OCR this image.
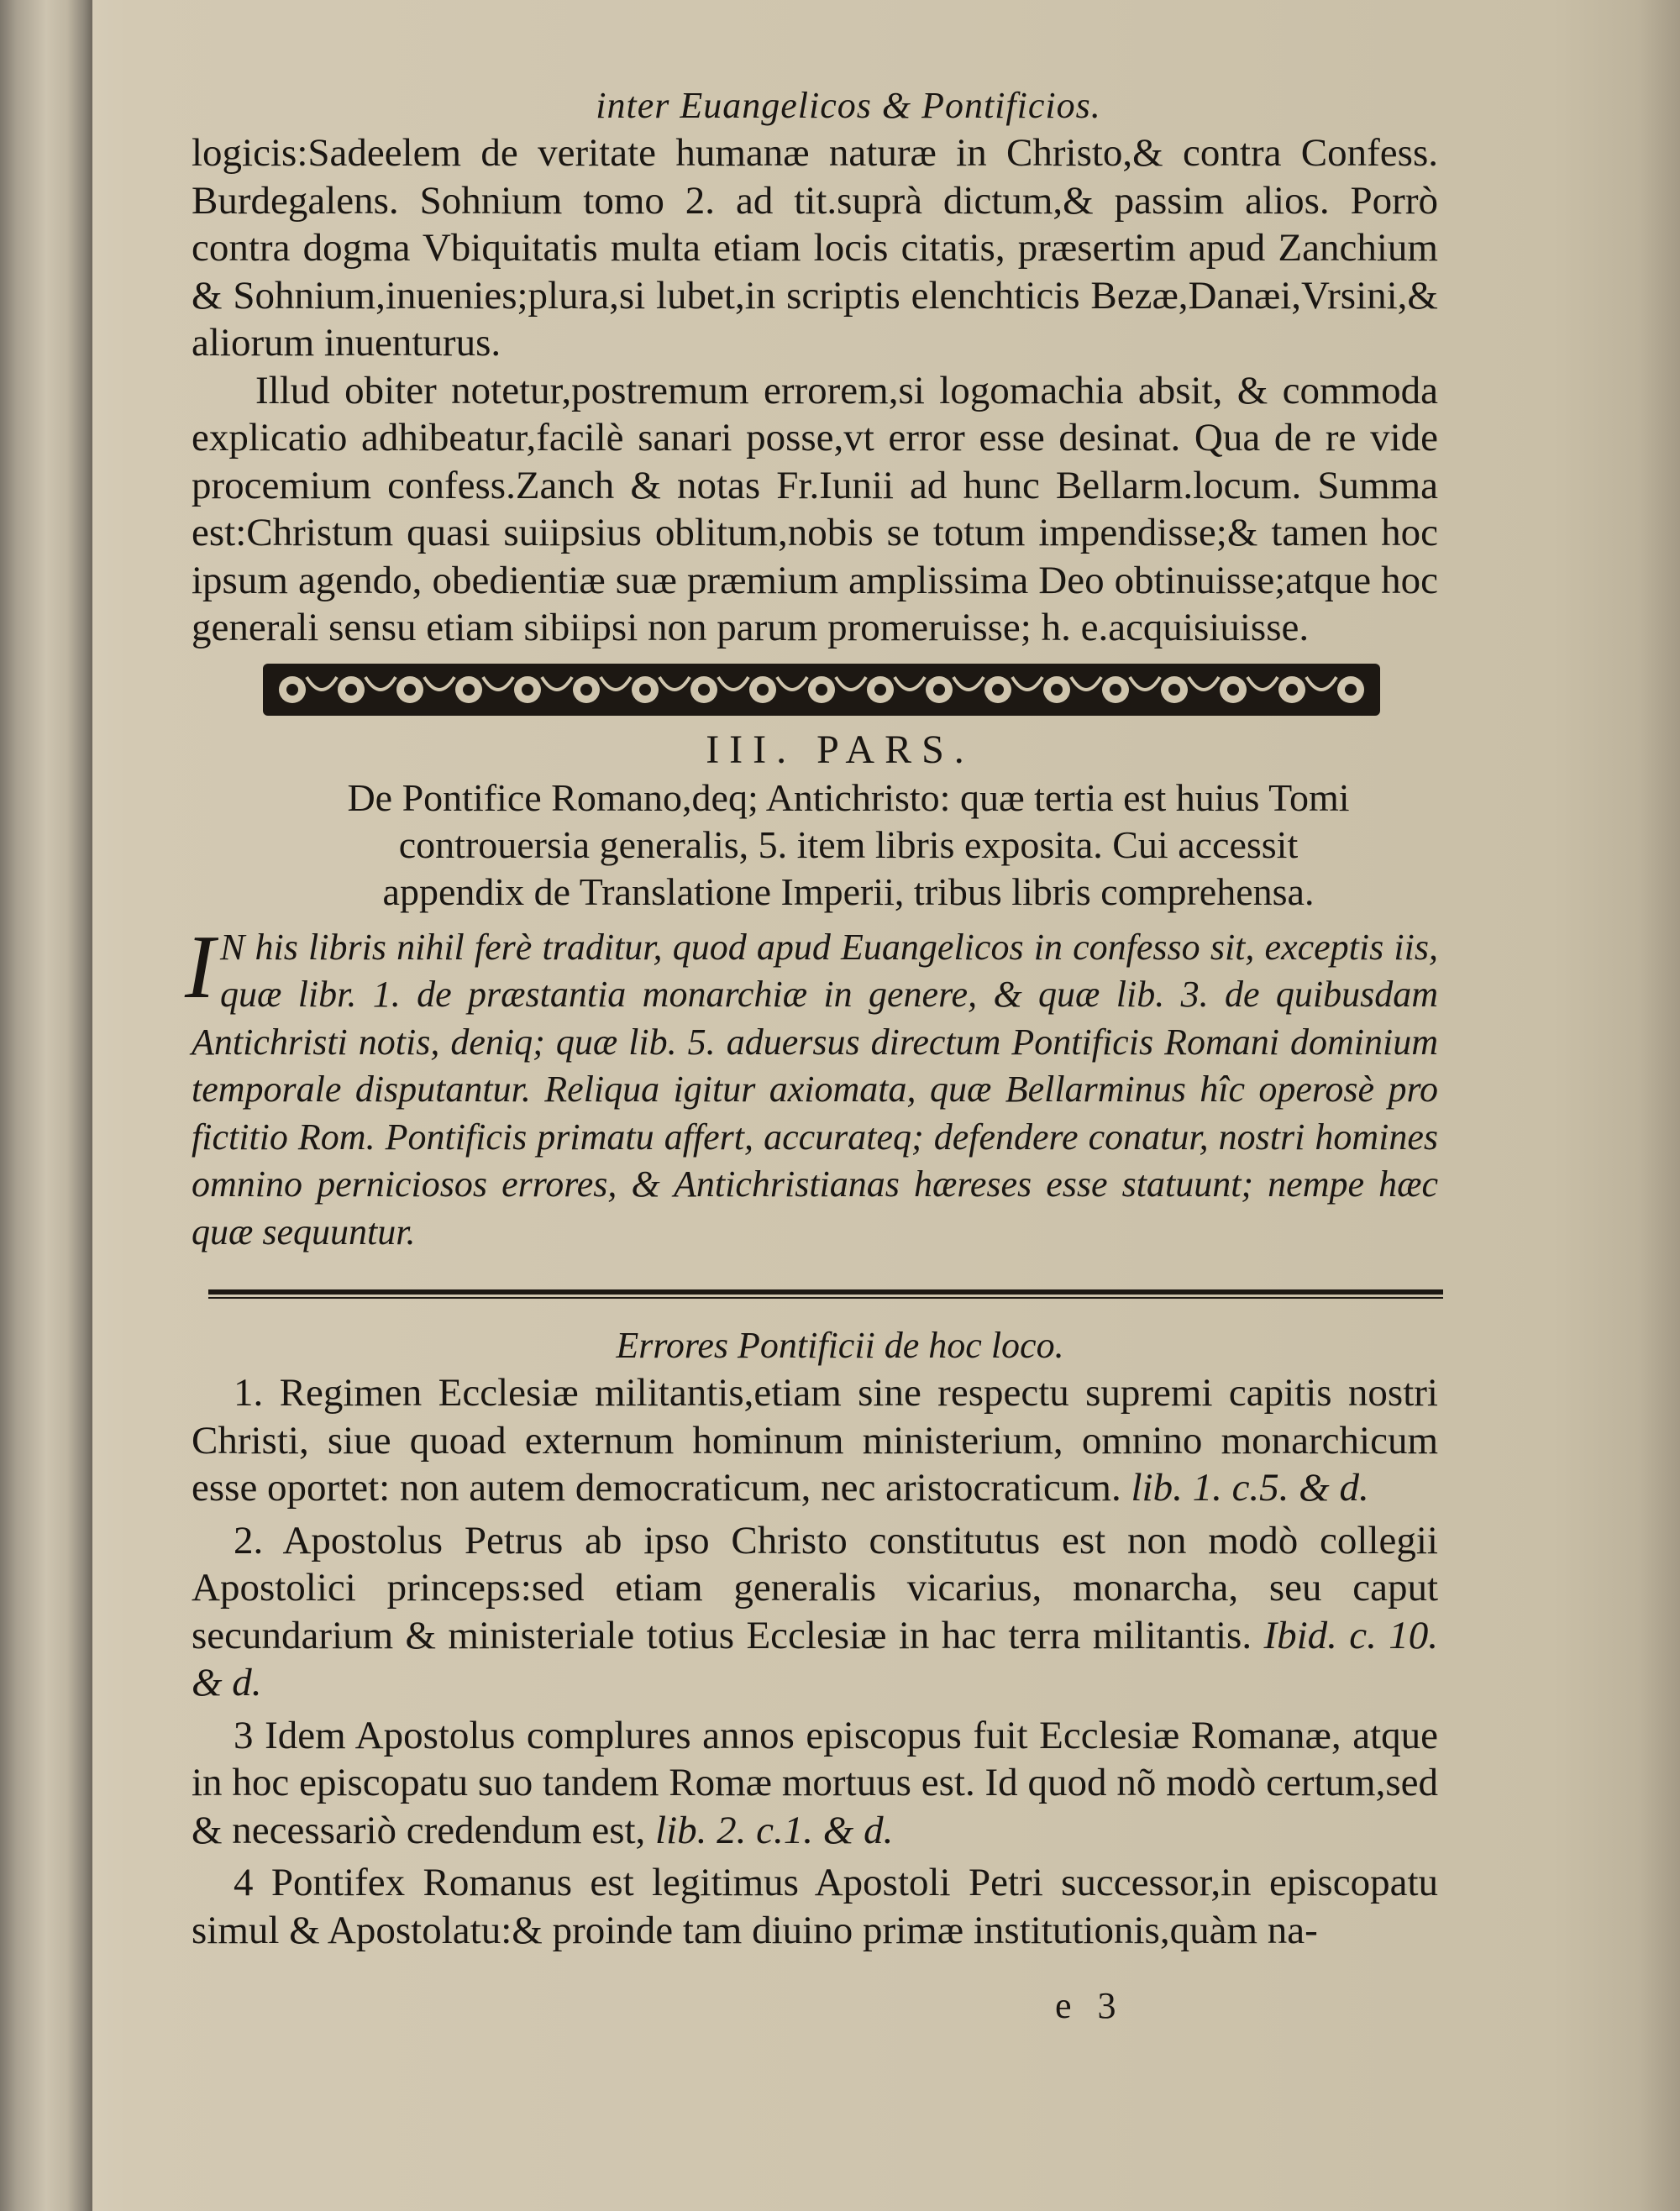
inter Euangelicos & Pontificios.

logicis:Sadeelem de veritate humanæ naturæ in Christo,& contra Confess. Burdegalens. Sohnium tomo 2. ad tit.suprà dictum,& passim alios. Porrò contra dogma Vbiquitatis multa etiam locis citatis, præsertim apud Zanchium & Sohnium,inuenies;plura,si lubet,in scriptis elenchticis Bezæ,Danæi,Vrsini,& aliorum inuenturus.

Illud obiter notetur,postremum errorem,si logomachia absit, & commoda explicatio adhibeatur,facilè sanari posse,vt error esse desinat. Qua de re vide procemium confess.Zanch & notas Fr.Iunii ad hunc Bellarm.locum. Summa est:Christum quasi suiipsius oblitum,nobis se totum impendisse;& tamen hoc ipsum agendo, obedientiæ suæ præmium amplissima Deo obtinuisse;atque hoc generali sensu etiam sibiipsi non parum promeruisse; h. e.acquisiuisse.

III. PARS.
De Pontifice Romano,deq; Antichristo: quæ tertia est huius Tomi controuersia generalis, 5. item libris exposita. Cui accessit appendix de Translatione Imperii, tribus libris comprehensa.
I N his libris nihil ferè traditur, quod apud Euangelicos in confesso sit, exceptis iis, quæ libr. 1. de præstantia monarchiæ in genere, & quæ lib. 3. de quibusdam Antichristi notis, deniq; quæ lib. 5. aduersus directum Pontificis Romani dominium temporale disputantur. Reliqua igitur axiomata, quæ Bellarminus hîc operosè pro fictitio Rom. Pontificis primatu affert, accurateq; defendere conatur, nostri homines omnino perniciosos errores, & Antichristianas hæreses esse statuunt; nempe hæc quæ sequuntur.
Errores Pontificii de hoc loco.

1. Regimen Ecclesiæ militantis,etiam sine respectu supremi capitis nostri Christi, siue quoad externum hominum ministerium, omnino monarchicum esse oportet: non autem democraticum, nec aristocraticum. lib. 1. c.5. & d.

2. Apostolus Petrus ab ipso Christo constitutus est non modò collegii Apostolici princeps:sed etiam generalis vicarius, monarcha, seu caput secundarium & ministeriale totius Ecclesiæ in hac terra militantis. Ibid. c. 10. & d.

3 Idem Apostolus complures annos episcopus fuit Ecclesiæ Romanæ, atque in hoc episcopatu suo tandem Romæ mortuus est. Id quod nõ modò certum,sed & necessariò credendum est, lib. 2. c.1. & d.

4 Pontifex Romanus est legitimus Apostoli Petri successor,in episcopatu simul & Apostolatu:& proinde tam diuino primæ institutionis,quàm na-

e 3
